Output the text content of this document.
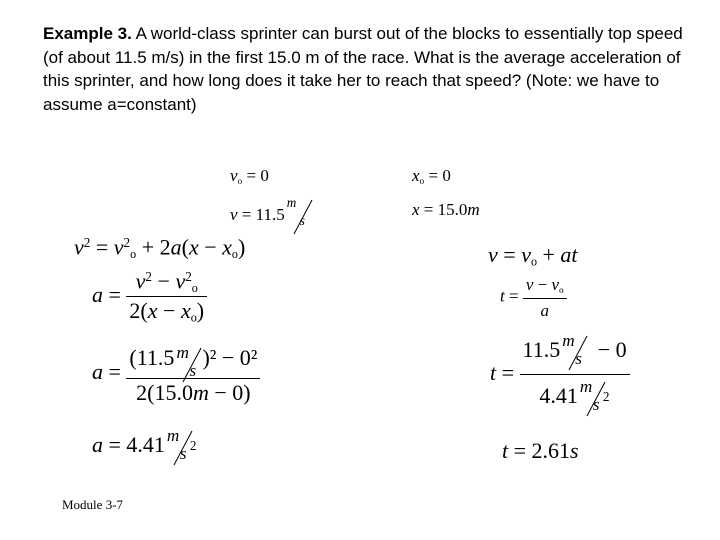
Example 3. A world-class sprinter can burst out of the blocks to essentially top speed (of about 11.5 m/s) in the first 15.0 m of the race. What is the average acceleration of this sprinter, and how long does it take her to reach that speed? (Note: we have to assume a=constant)
$v_o = 0$
v = 11.5
m
s
$x_o = 0$
x = 15.0m
$v^2 = v^2_o + 2a(x - x_o)$
$a = \frac{v^2 - v^2_o}{2(x - x_o)}$
a = (11.5 m
s
)² − 0²
2(15.0m − 0)
a = 4.41 m
s 2
$v = v_o$ + at
$t = \frac{v - v_o}{a}$
t = 11.5 m
s − 0
4.41 m
s 2
t = 2.61s
Module 3-7
